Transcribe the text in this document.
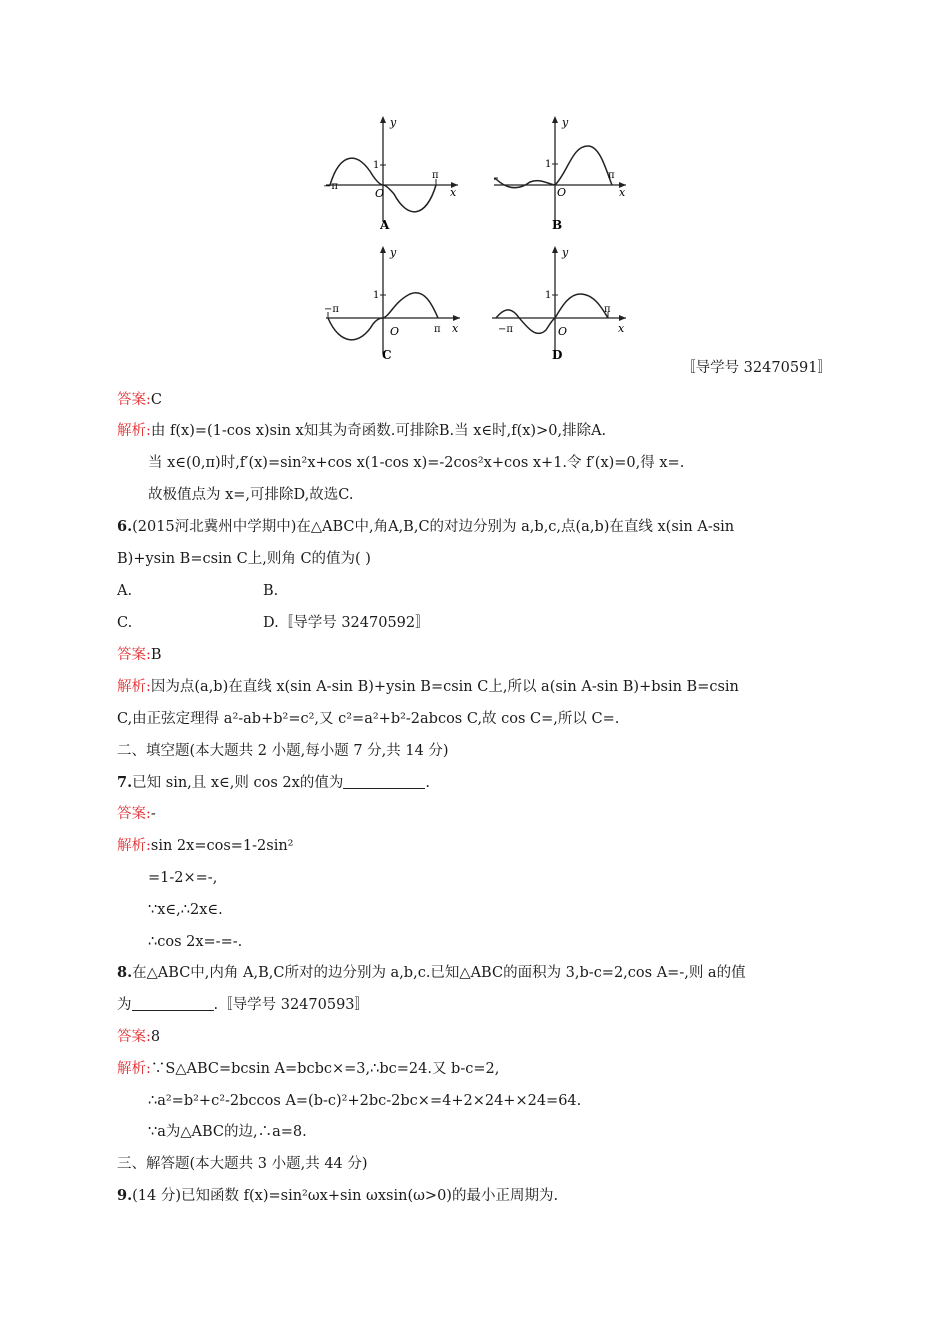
y
1
O
−π
π
x
A
y
1
O
π
x
B
y
1
O
−π
π x
C
y
1
O
−π
π
x
D
〚导学号 32470591〛
答案:C
解析:由 f(x)=(1-cos x)sin x知其为奇函数.可排除B.当 x∈时,f(x)>0,排除A.
当 x∈(0,π)时,f′(x)=sin²x+cos x(1-cos x)=-2cos²x+cos x+1.令 f′(x)=0,得 x=.
故极值点为 x=,可排除D,故选C.
6.(2015河北冀州中学期中)在△ABC中,角A,B,C的对边分别为 a,b,c,点(a,b)在直线 x(sin A-sin
B)+ysin B=csin C上,则角 C的值为( )
A.	B.
C.	D.〚导学号 32470592〛
答案:B
解析:因为点(a,b)在直线 x(sin A-sin B)+ysin B=csin C上,所以 a(sin A-sin B)+bsin B=csin
C,由正弦定理得 a²-ab+b²=c²,又 c²=a²+b²-2abcos C,故 cos C=,所以 C=.
二、填空题(本大题共 2 小题,每小题 7 分,共 14 分)
7.已知 sin,且 x∈,则 cos 2x的值为	.
答案:-
解析:sin 2x=cos=1-2sin²
=1-2×=-,
∵x∈,∴2x∈.
∴cos 2x=-=-.
8.在△ABC中,内角 A,B,C所对的边分别为 a,b,c.已知△ABC的面积为 3,b-c=2,cos A=-,则 a的值
为	.〚导学号 32470593〛
答案:8
解析:∵S△ABC=bcsin A=bcbc×=3,∴bc=24.又 b-c=2,
∴a²=b²+c²-2bccos A=(b-c)²+2bc-2bc×=4+2×24+×24=64.
∵a为△ABC的边,∴a=8.
三、解答题(本大题共 3 小题,共 44 分)
9.(14 分)已知函数 f(x)=sin²ωx+sin ωxsin(ω>0)的最小正周期为.
